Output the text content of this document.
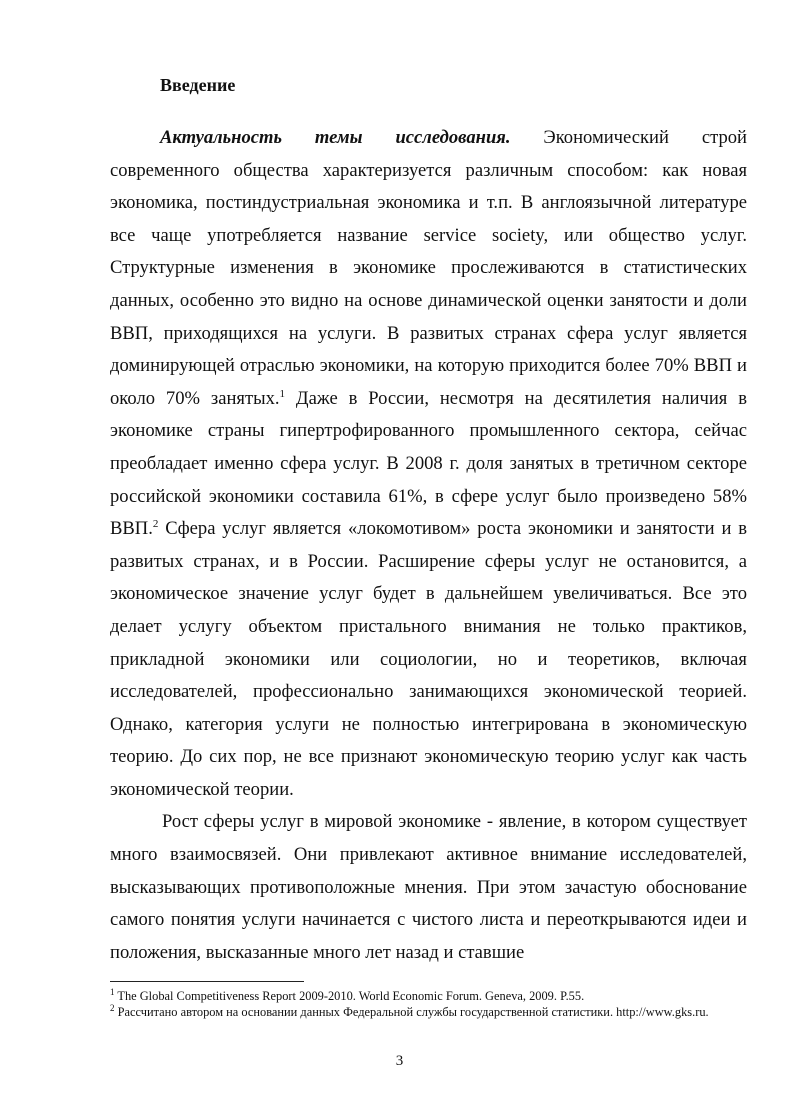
Введение

Актуальность темы исследования. Экономический строй современного общества характеризуется различным способом: как новая экономика, постиндустриальная экономика и т.п. В англоязычной литературе все чаще употребляется название service society, или общество услуг. Структурные изменения в экономике прослеживаются в статистических данных, особенно это видно на основе динамической оценки занятости и доли ВВП, приходящихся на услуги. В развитых странах сфера услуг является доминирующей отраслью экономики, на которую приходится более 70% ВВП и около 70% занятых.$^1$ Даже в России, несмотря на десятилетия наличия в экономике страны гипертрофированного промышленного сектора, сейчас преобладает именно сфера услуг. В 2008 г. доля занятых в третичном секторе российской экономики составила 61%, в сфере услуг было произведено 58% ВВП.$^2$ Сфера услуг является «локомотивом» роста экономики и занятости и в развитых странах, и в России. Расширение сферы услуг не остановится, а экономическое значение услуг будет в дальнейшем увеличиваться. Все это делает услугу объектом пристального внимания не только практиков, прикладной экономики или социологии, но и теоретиков, включая исследователей, профессионально занимающихся экономической теорией. Однако, категория услуги не полностью интегрирована в экономическую теорию. До сих пор, не все признают экономическую теорию услуг как часть экономической теории.

Рост сферы услуг в мировой экономике - явление, в котором существует много взаимосвязей. Они привлекают активное внимание исследователей, высказывающих противоположные мнения. При этом зачастую обоснование самого понятия услуги начинается с чистого листа и переоткрываются идеи и положения, высказанные много лет назад и ставшие

$^1$ The Global Competitiveness Report 2009-2010. World Economic Forum. Geneva, 2009. P.55.
$^2$ Рассчитано автором на основании данных Федеральной службы государственной статистики. http://www.gks.ru.
3
